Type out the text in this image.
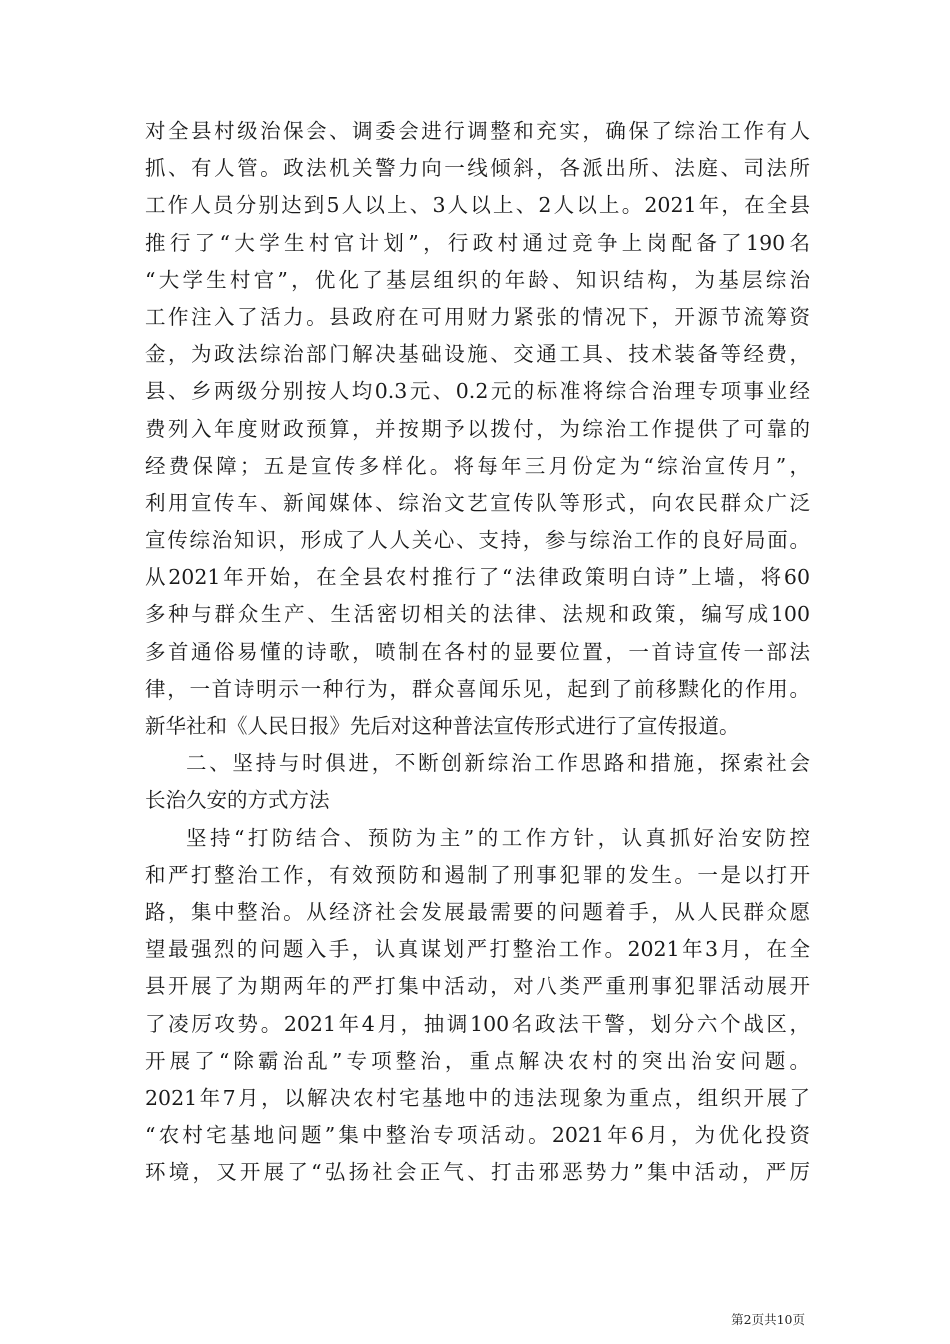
对全县村级治保会、调委会进行调整和充实，确保了综治工作有人
抓、有人管。政法机关警力向一线倾斜，各派出所、法庭、司法所
工作人员分别达到5人以上、3人以上、2人以上。2021年，在全县
推行了“大学生村官计划”，行政村通过竞争上岗配备了190名
“大学生村官”，优化了基层组织的年龄、知识结构，为基层综治
工作注入了活力。县政府在可用财力紧张的情况下，开源节流筹资
金，为政法综治部门解决基础设施、交通工具、技术装备等经费，
县、乡两级分别按人均0.3元、0.2元的标准将综合治理专项事业经
费列入年度财政预算，并按期予以拨付，为综治工作提供了可靠的
经费保障；五是宣传多样化。将每年三月份定为“综治宣传月”，
利用宣传车、新闻媒体、综治文艺宣传队等形式，向农民群众广泛
宣传综治知识，形成了人人关心、支持，参与综治工作的良好局面。
从2021年开始，在全县农村推行了“法律政策明白诗”上墙，将60
多种与群众生产、生活密切相关的法律、法规和政策，编写成100
多首通俗易懂的诗歌，喷制在各村的显要位置，一首诗宣传一部法
律，一首诗明示一种行为，群众喜闻乐见，起到了前移黩化的作用。
新华社和《人民日报》先后对这种普法宣传形式进行了宣传报道。
二、坚持与时俱进，不断创新综治工作思路和措施，探索社会
长治久安的方式方法
坚持“打防结合、预防为主”的工作方针，认真抓好治安防控
和严打整治工作，有效预防和遏制了刑事犯罪的发生。一是以打开
路，集中整治。从经济社会发展最需要的问题着手，从人民群众愿
望最强烈的问题入手，认真谋划严打整治工作。2021年3月，在全
县开展了为期两年的严打集中活动，对八类严重刑事犯罪活动展开
了凌厉攻势。2021年4月，抽调100名政法干警，划分六个战区，
开展了“除霸治乱”专项整治，重点解决农村的突出治安问题。
2021年7月，以解决农村宅基地中的违法现象为重点，组织开展了
“农村宅基地问题”集中整治专项活动。2021年6月，为优化投资
环境，又开展了“弘扬社会正气、打击邪恶势力”集中活动，严厉
第2页共10页
